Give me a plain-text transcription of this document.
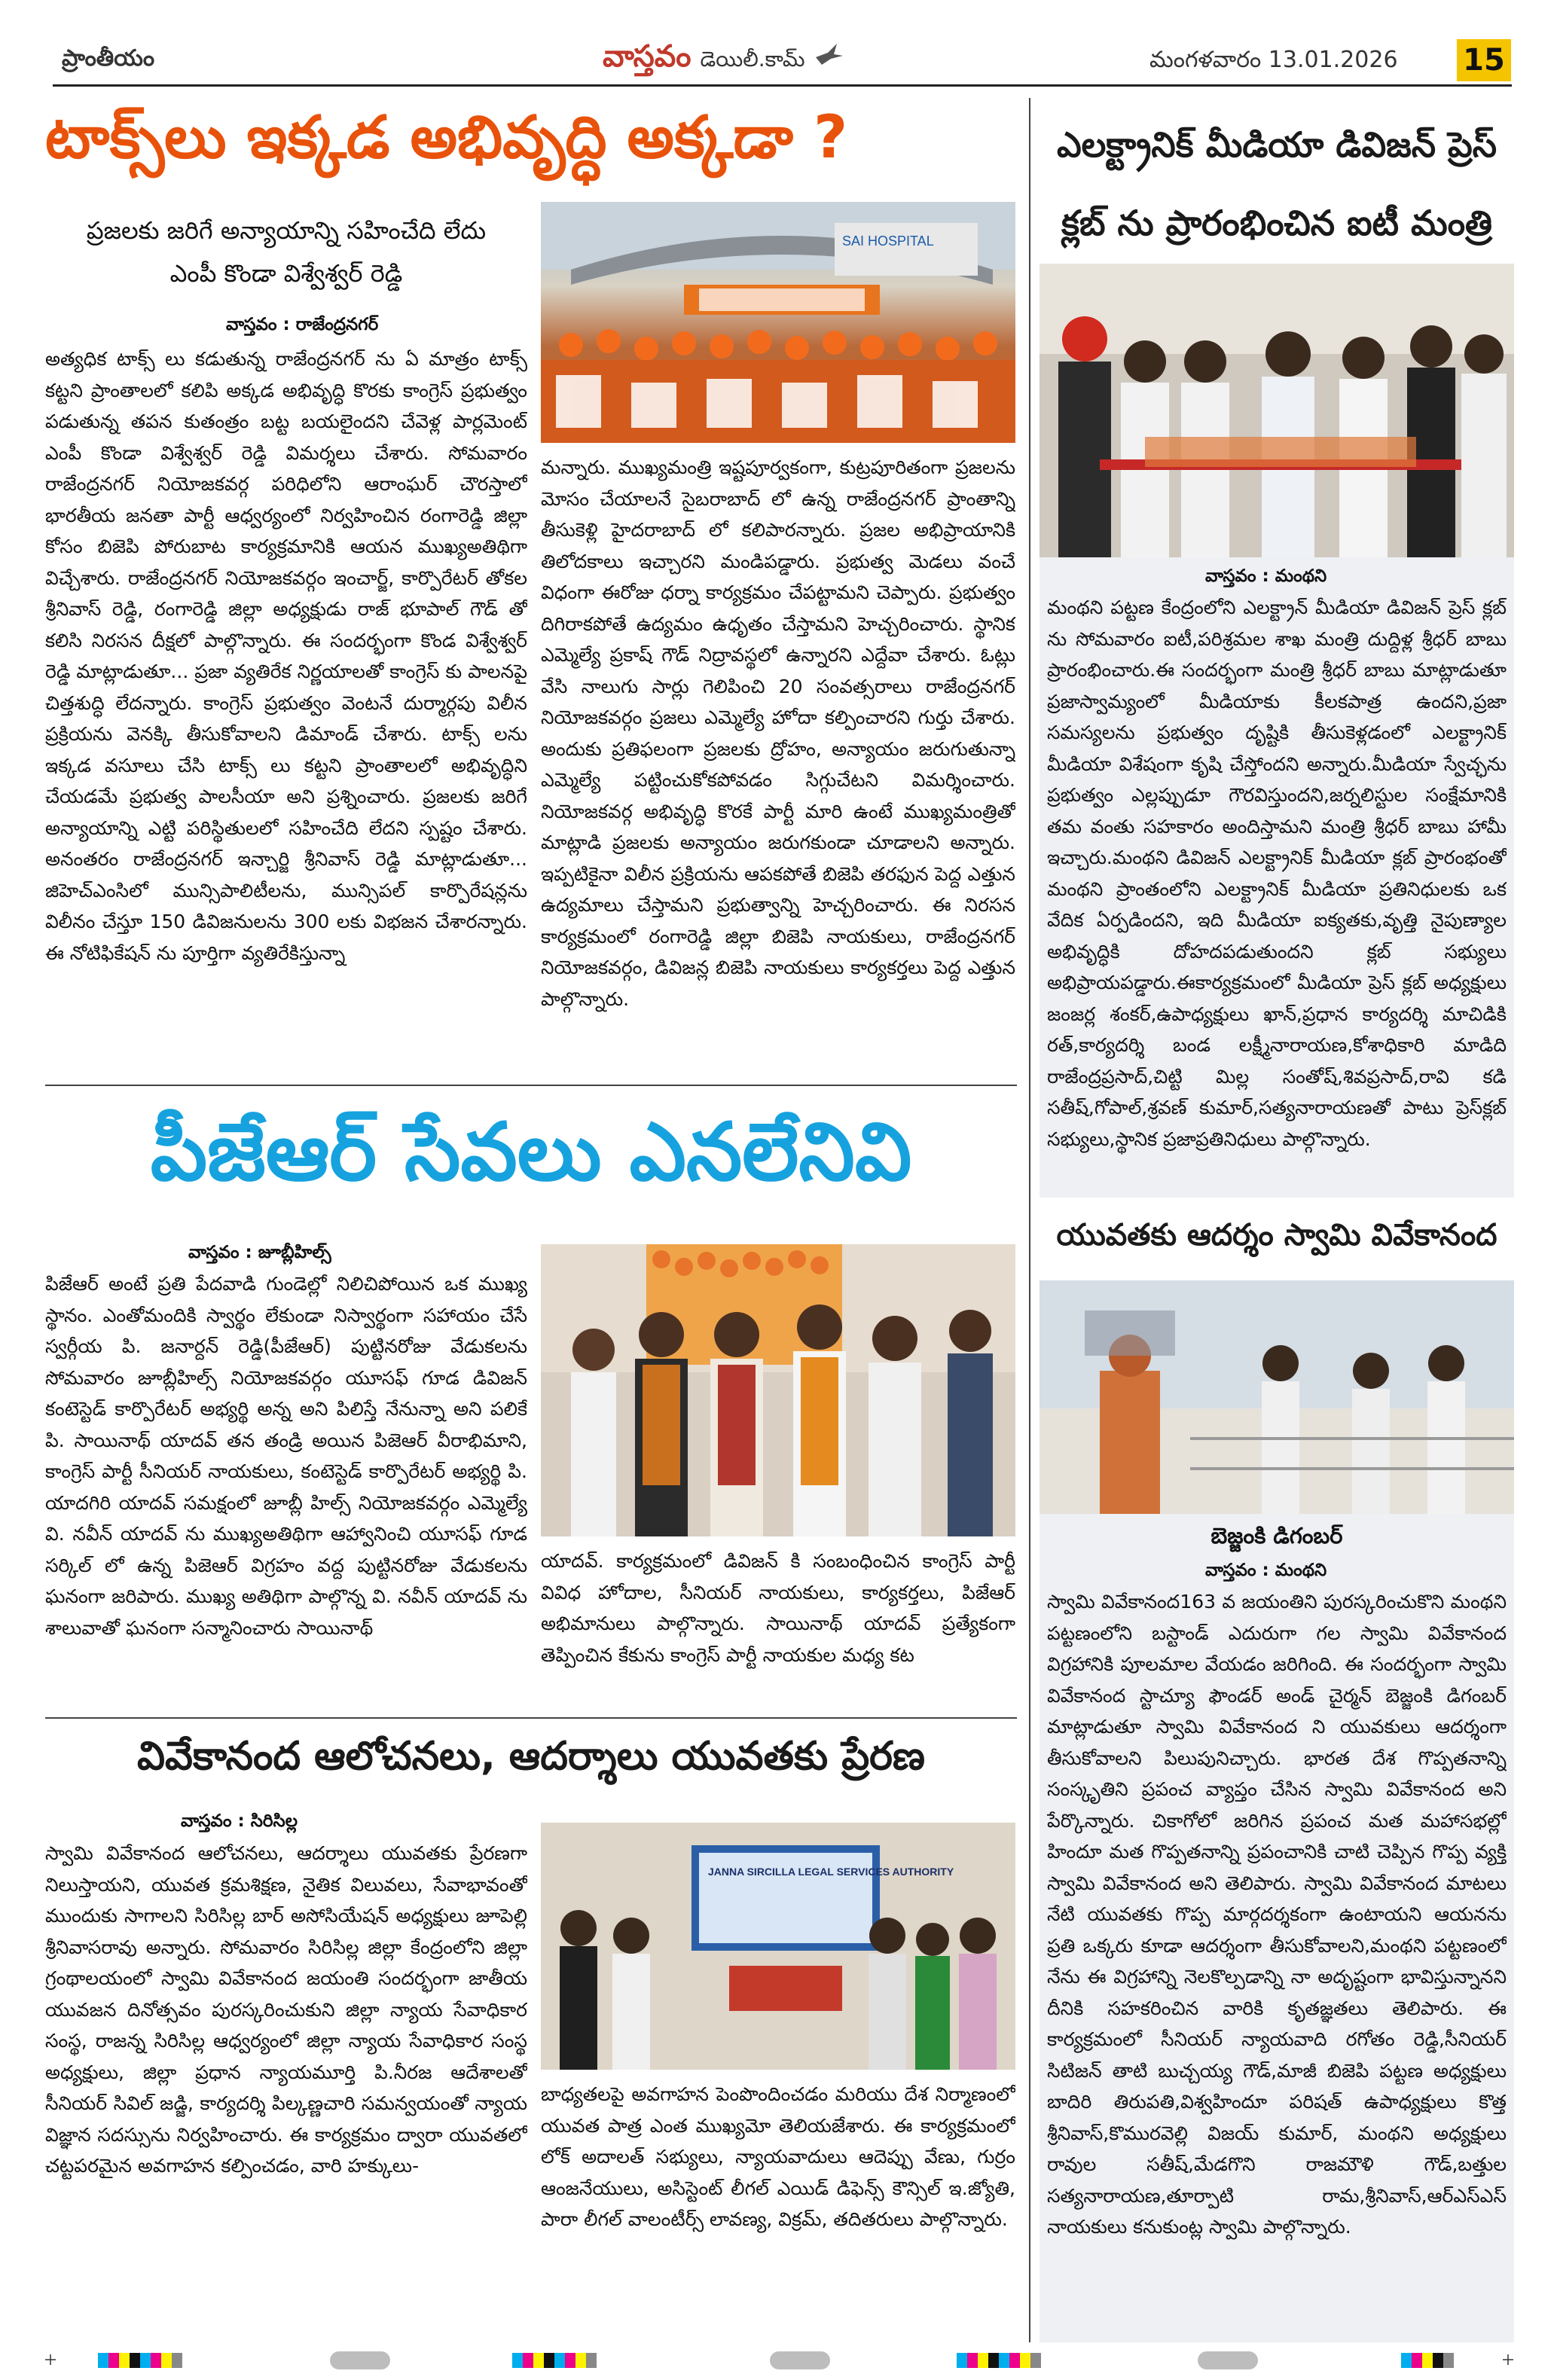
ప్రాంతీయం	వాస్తవం డెయిలీ.కామ్	మంగళవారం 13.01.2026 15
టాక్స్‌లు ఇక్కడ అభివృద్ధి అక్కడా ?
ప్రజలకు జరిగే అన్యాయాన్ని సహించేది లేదు
ఎంపీ కొండా విశ్వేశ్వర్ రెడ్డి
వాస్తవం : రాజేంద్రనగర్
అత్యధిక టాక్స్ లు కడుతున్న రాజేంద్రనగర్ ను ఏ మాత్రం టాక్స్ కట్టని ప్రాంతాలలో కలిపి అక్కడ అభివృద్ధి కొరకు కాంగ్రెస్ ప్రభుత్వం పడుతున్న తపన కుతంత్రం బట్ట బయలైందని చేవెళ్ల పార్లమెంట్ ఎంపీ కొండా విశ్వేశ్వర్ రెడ్డి విమర్శలు చేశారు. సోమవారం రాజేంద్రనగర్ నియోజకవర్గ పరిధిలోని ఆరాంఘర్ చౌరస్తాలో భారతీయ జనతా పార్టీ ఆధ్వర్యంలో నిర్వహించిన రంగారెడ్డి జిల్లా కోసం బిజెపి పోరుబాట కార్యక్రమానికి ఆయన ముఖ్యఅతిథిగా విచ్చేశారు. రాజేంద్రనగర్ నియోజకవర్గం ఇంచార్జ్, కార్పొరేటర్ తోకల శ్రీనివాస్ రెడ్డి, రంగారెడ్డి జిల్లా అధ్యక్షుడు రాజ్ భూపాల్ గౌడ్ తో కలిసి నిరసన దీక్షలో పాల్గొన్నారు. ఈ సందర్భంగా కొండ విశ్వేశ్వర్ రెడ్డి మాట్లాడుతూ... ప్రజా వ్యతిరేక నిర్ణయాలతో కాంగ్రెస్ కు పాలనపై చిత్తశుద్ధి లేదన్నారు. కాంగ్రెస్ ప్రభుత్వం వెంటనే దుర్మార్గపు విలీన ప్రక్రియను వెనక్కి తీసుకోవాలని డిమాండ్ చేశారు. టాక్స్ లను ఇక్కడ వసూలు చేసి టాక్స్ లు కట్టని ప్రాంతాలలో అభివృద్ధిని చేయడమే ప్రభుత్వ పాలసీయా అని ప్రశ్నించారు. ప్రజలకు జరిగే అన్యాయాన్ని ఎట్టి పరిస్థితులలో సహించేది లేదని స్పష్టం చేశారు. అనంతరం రాజేంద్రనగర్ ఇన్చార్జి శ్రీనివాస్ రెడ్డి మాట్లాడుతూ... జిహెచ్ఎంసిలో మున్సిపాలిటీలను, మున్సిపల్ కార్పొరేషన్లను విలీనం చేస్తూ 150 డివిజనులను 300 లకు విభజన చేశారన్నారు. ఈ నోటిఫికేషన్ ను పూర్తిగా వ్యతిరేకిస్తున్నా
SAI HOSPITAL
మన్నారు. ముఖ్యమంత్రి ఇష్టపూర్వకంగా, కుట్రపూరితంగా ప్రజలను మోసం చేయాలనే సైబరాబాద్ లో ఉన్న రాజేంద్రనగర్ ప్రాంతాన్ని తీసుకెళ్లి హైదరాబాద్ లో కలిపారన్నారు. ప్రజల అభిప్రాయానికి తిలోదకాలు ఇచ్చారని మండిపడ్డారు. ప్రభుత్వ మెడలు వంచే విధంగా ఈరోజు ధర్నా కార్యక్రమం చేపట్టామని చెప్పారు. ప్రభుత్వం దిగిరాకపోతే ఉద్యమం ఉధృతం చేస్తామని హెచ్చరించారు. స్థానిక ఎమ్మెల్యే ప్రకాష్ గౌడ్ నిద్రావస్థలో ఉన్నారని ఎద్దేవా చేశారు. ఓట్లు వేసి నాలుగు సార్లు గెలిపించి 20 సంవత్సరాలు రాజేంద్రనగర్ నియోజకవర్గం ప్రజలు ఎమ్మెల్యే హోదా కల్పించారని గుర్తు చేశారు. అందుకు ప్రతిఫలంగా ప్రజలకు ద్రోహం, అన్యాయం జరుగుతున్నా ఎమ్మెల్యే పట్టించుకోకపోవడం సిగ్గుచేటని విమర్శించారు. నియోజకవర్గ అభివృద్ధి కొరకే పార్టీ మారి ఉంటే ముఖ్యమంత్రితో మాట్లాడి ప్రజలకు అన్యాయం జరుగకుండా చూడాలని అన్నారు. ఇప్పటికైనా విలీన ప్రక్రియను ఆపకపోతే బిజెపి తరఫున పెద్ద ఎత్తున ఉద్యమాలు చేస్తామని ప్రభుత్వాన్ని హెచ్చరించారు. ఈ నిరసన కార్యక్రమంలో రంగారెడ్డి జిల్లా బిజెపి నాయకులు, రాజేంద్రనగర్ నియోజకవర్గం, డివిజన్ల బిజెపి నాయకులు కార్యకర్తలు పెద్ద ఎత్తున పాల్గొన్నారు.
పీజేఆర్ సేవలు ఎనలేనివి
వాస్తవం : జూబ్లీహిల్స్
పిజేఆర్ అంటే ప్రతి పేదవాడి గుండెల్లో నిలిచిపోయిన ఒక ముఖ్య స్థానం. ఎంతోమందికి స్వార్థం లేకుండా నిస్వార్థంగా సహాయం చేసే స్వర్గీయ పి. జనార్దన్ రెడ్డి(పీజేఆర్) పుట్టినరోజు వేడుకలను సోమవారం జూబ్లీహిల్స్ నియోజకవర్గం యూసఫ్ గూడ డివిజన్ కంటెస్టెడ్ కార్పొరేటర్ అభ్యర్థి అన్న అని పిలిస్తే నేనున్నా అని పలికే పి. సాయినాథ్ యాదవ్ తన తండ్రి అయిన పిజెఆర్ వీరాభిమాని, కాంగ్రెస్ పార్టీ సీనియర్ నాయకులు, కంటెస్టెడ్ కార్పొరేటర్ అభ్యర్థి పి. యాదగిరి యాదవ్ సమక్షంలో జూబ్లీ హిల్స్ నియోజకవర్గం ఎమ్మెల్యే వి. నవీన్ యాదవ్ ను ముఖ్యఅతిథిగా ఆహ్వానించి యూసఫ్ గూడ సర్కిల్ లో ఉన్న పిజెఆర్ విగ్రహం వద్ద పుట్టినరోజు వేడుకలను ఘనంగా జరిపారు. ముఖ్య అతిథిగా పాల్గొన్న వి. నవీన్ యాదవ్ ను శాలువాతో ఘనంగా సన్మానించారు సాయినాథ్
యాదవ్. కార్యక్రమంలో డివిజన్ కి సంబంధించిన కాంగ్రెస్ పార్టీ వివిధ హోదాల, సీనియర్ నాయకులు, కార్యకర్తలు, పిజేఆర్ అభిమానులు పాల్గొన్నారు. సాయినాథ్ యాదవ్ ప్రత్యేకంగా తెప్పించిన కేకును కాంగ్రెస్ పార్టీ నాయకుల మధ్య కట
వివేకానంద ఆలోచనలు, ఆదర్శాలు యువతకు ప్రేరణ
వాస్తవం : సిరిసిల్ల
స్వామి వివేకానంద ఆలోచనలు, ఆదర్శాలు యువతకు ప్రేరణగా నిలుస్తాయని, యువత క్రమశిక్షణ, నైతిక విలువలు, సేవాభావంతో ముందుకు సాగాలని సిరిసిల్ల బార్ అసోసియేషన్ అధ్యక్షులు జూపెల్లి శ్రీనివాసరావు అన్నారు. సోమవారం సిరిసిల్ల జిల్లా కేంద్రంలోని జిల్లా గ్రంథాలయంలో స్వామి వివేకానంద జయంతి సందర్భంగా జాతీయ యువజన దినోత్సవం పురస్కరించుకుని జిల్లా న్యాయ సేవాధికార సంస్థ, రాజన్న సిరిసిల్ల ఆధ్వర్యంలో జిల్లా న్యాయ సేవాధికార సంస్థ అధ్యక్షులు, జిల్లా ప్రధాన న్యాయమూర్తి పి.నీరజ ఆదేశాలతో సీనియర్ సివిల్ జడ్జి, కార్యదర్శి పిల్కణ్ణచారి సమన్వయంతో న్యాయ విజ్ఞాన సదస్సును నిర్వహించారు. ఈ కార్యక్రమం ద్వారా యువతలో చట్టపరమైన అవగాహన కల్పించడం, వారి హక్కులు-
JANNA SIRCILLA LEGAL SERVICES AUTHORITY
బాధ్యతలపై అవగాహన పెంపొందించడం మరియు దేశ నిర్మాణంలో యువత పాత్ర ఎంత ముఖ్యమో తెలియజేశారు. ఈ కార్యక్రమంలో లోక్ అదాలత్ సభ్యులు, న్యాయవాదులు ఆదెప్పు వేణు, గుర్రం ఆంజనేయులు, అసిస్టెంట్ లీగల్ ఎయిడ్ డిఫెన్స్ కౌన్సిల్ ఇ.జ్యోతి, పారా లీగల్ వాలంటీర్స్ లావణ్య, విక్రమ్, తదితరులు పాల్గొన్నారు.
ఎలక్ట్రానిక్ మీడియా డివిజన్ ప్రెస్
క్లబ్ ను ప్రారంభించిన ఐటీ మంత్రి
వాస్తవం : మంథని
మంథని పట్టణ కేంద్రంలోని ఎలక్ట్రాన్ మీడియా డివిజన్ ప్రెస్ క్లబ్ ను సోమవారం ఐటీ,పరిశ్రమల శాఖ మంత్రి దుద్దిళ్ల శ్రీధర్ బాబు ప్రారంభించారు.ఈ సందర్భంగా మంత్రి శ్రీధర్ బాబు మాట్లాడుతూ ప్రజాస్వామ్యంలో మీడియాకు కీలకపాత్ర ఉందని,ప్రజా సమస్యలను ప్రభుత్వం దృష్టికి తీసుకెళ్లడంలో ఎలక్ట్రానిక్ మీడియా విశేషంగా కృషి చేస్తోందని అన్నారు.మీడియా స్వేచ్ఛను ప్రభుత్వం ఎల్లప్పుడూ గౌరవిస్తుందని,జర్నలిస్టుల సంక్షేమానికి తమ వంతు సహకారం అందిస్తామని మంత్రి శ్రీధర్ బాబు హామీ ఇచ్చారు.మంథని డివిజన్ ఎలక్ట్రానిక్ మీడియా క్లబ్ ప్రారంభంతో మంథని ప్రాంతంలోని ఎలక్ట్రానిక్ మీడియా ప్రతినిధులకు ఒక వేదిక ఏర్పడిందని, ఇది మీడియా ఐక్యతకు,వృత్తి నైపుణ్యాల అభివృద్ధికి దోహదపడుతుందని క్లబ్ సభ్యులు అభిప్రాయపడ్డారు.ఈకార్యక్రమంలో మీడియా ప్రెస్ క్లబ్ అధ్యక్షులు జంజర్ల శంకర్,ఉపాధ్యక్షులు ఖాన్,ప్రధాన కార్యదర్శి మాచిడికి రత్,కార్యదర్శి బండ లక్ష్మీనారాయణ,కోశాధికారి మాడిది రాజేంద్రప్రసాద్,చిట్టి మిల్ల సంతోష్,శివప్రసాద్,రావి కడి సతీష్,గోపాల్,శ్రవణ్ కుమార్,సత్యనారాయణతో పాటు ప్రెస్‌క్లబ్ సభ్యులు,స్థానిక ప్రజాప్రతినిధులు పాల్గొన్నారు.
యువతకు ఆదర్శం స్వామి వివేకానంద
బెజ్జంకి డిగంబర్
వాస్తవం : మంథని
స్వామి వివేకానంద163 వ జయంతిని పురస్కరించుకొని మంథని పట్టణంలోని బస్టాండ్ ఎదురుగా గల స్వామి వివేకానంద విగ్రహానికి పూలమాల వేయడం జరిగింది. ఈ సందర్భంగా స్వామి వివేకానంద స్టాచ్యూ ఫౌండర్ అండ్ చైర్మన్ బెజ్జంకి డిగంబర్ మాట్లాడుతూ స్వామి వివేకానంద ని యువకులు ఆదర్శంగా తీసుకోవాలని పిలుపునిచ్చారు. భారత దేశ గొప్పతనాన్ని సంస్కృతిని ప్రపంచ వ్యాప్తం చేసిన స్వామి వివేకానంద అని పేర్కొన్నారు. చికాగోలో జరిగిన ప్రపంచ మత మహాసభల్లో హిందూ మత గొప్పతనాన్ని ప్రపంచానికి చాటి చెప్పిన గొప్ప వ్యక్తి స్వామి వివేకానంద అని తెలిపారు. స్వామి వివేకానంద మాటలు నేటి యువతకు గొప్ప మార్గదర్శకంగా ఉంటాయని ఆయనను ప్రతి ఒక్కరు కూడా ఆదర్శంగా తీసుకోవాలని,మంథని పట్టణంలో నేను ఈ విగ్రహాన్ని నెలకొల్పడాన్ని నా అదృష్టంగా భావిస్తున్నానని దీనికి సహకరించిన వారికి కృతజ్ఞతలు తెలిపారు. ఈ కార్యక్రమంలో సీనియర్ న్యాయవాది రగోతం రెడ్డి,సీనియర్ సిటిజన్ తాటి బుచ్చయ్య గౌడ్,మాజీ బిజెపి పట్టణ అధ్యక్షులు బాదిరి తిరుపతి,విశ్వహిందూ పరిషత్ ఉపాధ్యక్షులు కొత్త శ్రీనివాస్,కొమురవెల్లి విజయ్ కుమార్, మంథని అధ్యక్షులు రావుల సతీష్,మేడగొని రాజమౌళి గౌడ్,బత్తుల సత్యనారాయణ,తూర్పాటి రామ,శ్రీనివాస్,ఆర్ఎస్ఎస్ నాయకులు కనుకుంట్ల స్వామి పాల్గొన్నారు.
